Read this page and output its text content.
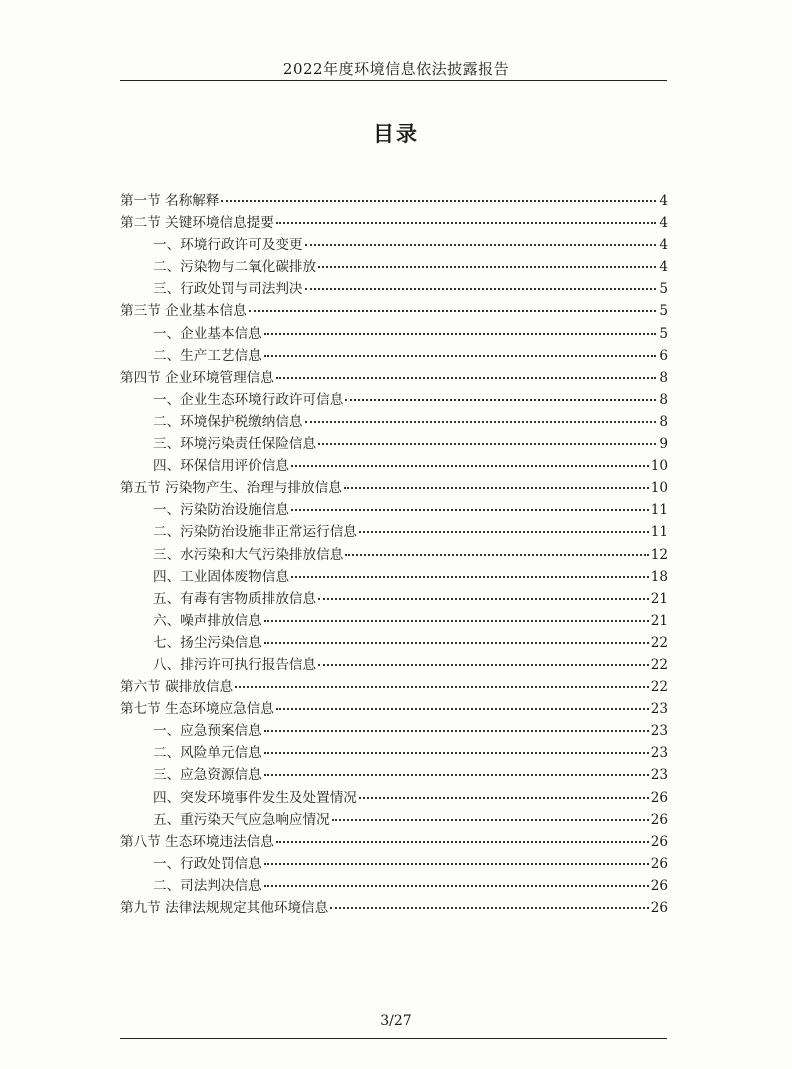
2022年度环境信息依法披露报告
目录
第一节 名称解释	4
第二节 关键环境信息提要	4
一、环境行政许可及变更	4
二、污染物与二氧化碳排放	4
三、行政处罚与司法判决	5
第三节 企业基本信息	5
一、企业基本信息	5
二、生产工艺信息	6
第四节 企业环境管理信息	8
一、企业生态环境行政许可信息	8
二、环境保护税缴纳信息	8
三、环境污染责任保险信息	9
四、环保信用评价信息	10
第五节 污染物产生、治理与排放信息	10
一、污染防治设施信息	11
二、污染防治设施非正常运行信息	11
三、水污染和大气污染排放信息	12
四、工业固体废物信息	18
五、有毒有害物质排放信息	21
六、噪声排放信息	21
七、扬尘污染信息	22
八、排污许可执行报告信息	22
第六节 碳排放信息	22
第七节 生态环境应急信息	23
一、应急预案信息	23
二、风险单元信息	23
三、应急资源信息	23
四、突发环境事件发生及处置情况	26
五、重污染天气应急响应情况	26
第八节 生态环境违法信息	26
一、行政处罚信息	26
二、司法判决信息	26
第九节 法律法规规定其他环境信息	26
3/27
